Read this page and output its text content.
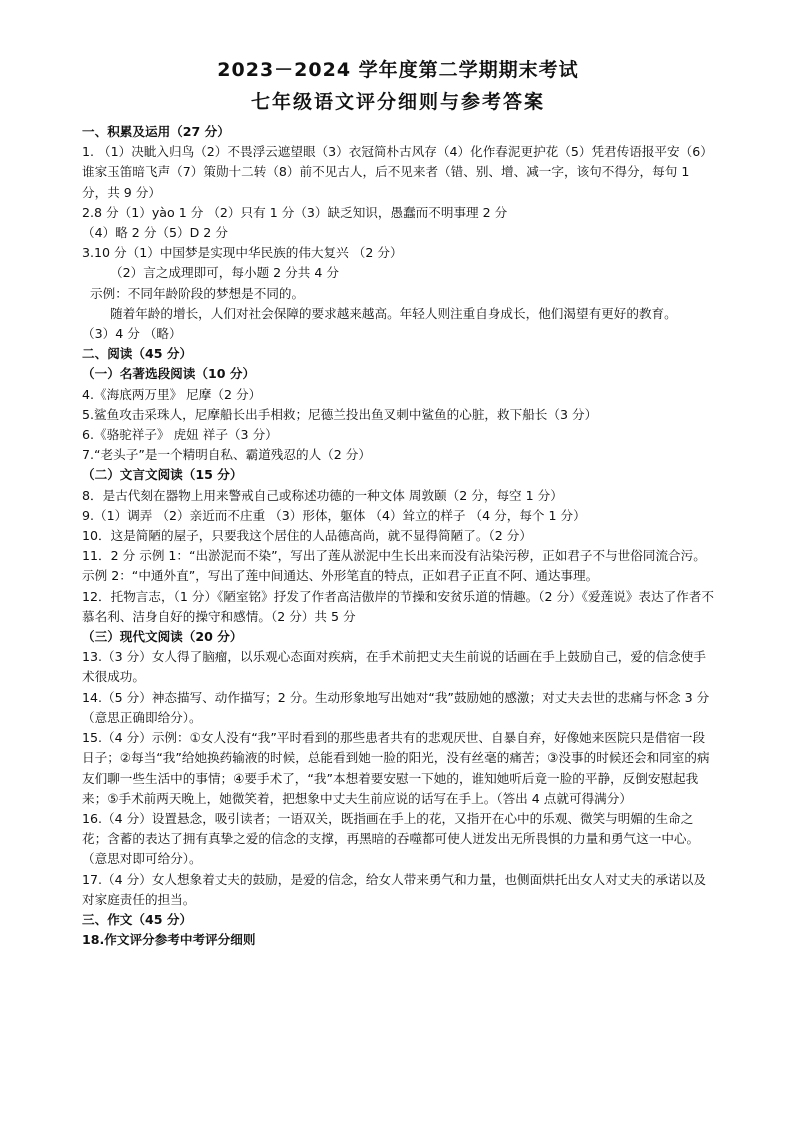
2023－2024 学年度第二学期期末考试
七年级语文评分细则与参考答案

一、积累及运用（27 分）

1. （1）决眦入归鸟（2）不畏浮云遮望眼（3）衣冠简朴古风存（4）化作春泥更护花（5）凭君传语报平安（6）谁家玉笛暗飞声（7）策勋十二转（8）前不见古人，后不见来者（错、别、增、减一字，该句不得分，每句 1 分，共 9 分）

2.8 分（1）yào 1 分 （2）只有 1 分（3）缺乏知识，愚蠢而不明事理 2 分

（4）略 2 分（5）D 2 分

3.10 分（1）中国梦是实现中华民族的伟大复兴 （2 分）

（2）言之成理即可，每小题 2 分共 4 分

示例：不同年龄阶段的梦想是不同的。

随着年龄的增长，人们对社会保障的要求越来越高。年轻人则注重自身成长，他们渴望有更好的教育。

（3）4 分 （略）

二、阅读（45 分）

（一）名著选段阅读（10 分）

4.《海底两万里》 尼摩（2 分）

5.鲨鱼攻击采珠人，尼摩船长出手相救；尼德兰投出鱼叉刺中鲨鱼的心脏，救下船长（3 分）

6.《骆驼祥子》 虎妞 祥子（3 分）

7.“老头子”是一个精明自私、霸道残忍的人（2 分）

（二）文言文阅读（15 分）

8．是古代刻在器物上用来警戒自己或称述功德的一种文体 周敦颐（2 分，每空 1 分）

9.（1）调弄 （2）亲近而不庄重 （3）形体，躯体 （4）耸立的样子 （4 分，每个 1 分）

10．这是简陋的屋子，只要我这个居住的人品德高尚，就不显得简陋了。（2 分）

11．2 分 示例 1：“出淤泥而不染”，写出了莲从淤泥中生长出来而没有沾染污秽，正如君子不与世俗同流合污。

示例 2：“中通外直”，写出了莲中间通达、外形笔直的特点，正如君子正直不阿、通达事理。

12．托物言志，（1 分）《陋室铭》抒发了作者高洁傲岸的节操和安贫乐道的情趣。（2 分）《爱莲说》表达了作者不慕名利、洁身自好的操守和感情。（2 分）共 5 分

（三）现代文阅读（20 分）

13.（3 分）女人得了脑瘤，以乐观心态面对疾病，在手术前把丈夫生前说的话画在手上鼓励自己，爱的信念使手术很成功。

14.（5 分）神态描写、动作描写；2 分。生动形象地写出她对“我”鼓励她的感激；对丈夫去世的悲痛与怀念 3 分（意思正确即给分）。

15.（4 分）示例：①女人没有“我”平时看到的那些患者共有的悲观厌世、自暴自弃，好像她来医院只是借宿一段日子；②每当“我”给她换药输液的时候，总能看到她一脸的阳光，没有丝毫的痛苦；③没事的时候还会和同室的病友们聊一些生活中的事情；④要手术了，“我”本想着要安慰一下她的，谁知她听后竟一脸的平静，反倒安慰起我来；⑤手术前两天晚上，她微笑着，把想象中丈夫生前应说的话写在手上。（答出 4 点就可得满分）

16.（4 分）设置悬念，吸引读者；一语双关，既指画在手上的花，又指开在心中的乐观、微笑与明媚的生命之花；含蓄的表达了拥有真挚之爱的信念的支撑，再黑暗的吞噬都可使人迸发出无所畏惧的力量和勇气这一中心。（意思对即可给分）。

17.（4 分）女人想象着丈夫的鼓励，是爱的信念，给女人带来勇气和力量，也侧面烘托出女人对丈夫的承诺以及对家庭责任的担当。

三、作文（45 分）

18.作文评分参考中考评分细则
